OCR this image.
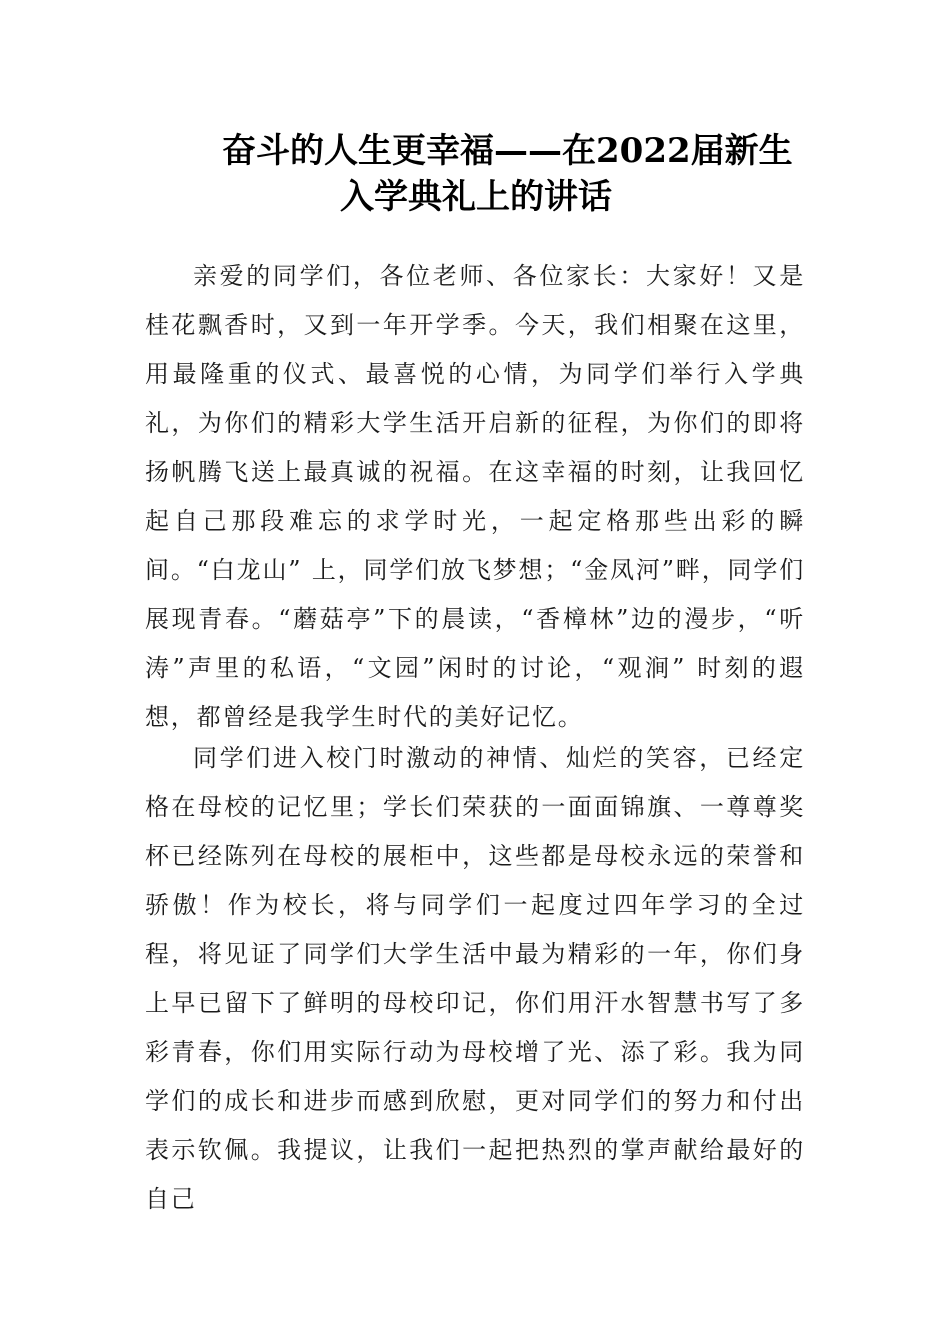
奋斗的人生更幸福——在2022届新生
入学典礼上的讲话

亲爱的同学们，各位老师、各位家长：大家好！又是桂花飘香时，又到一年开学季。今天，我们相聚在这里，用最隆重的仪式、最喜悦的心情，为同学们举行入学典礼，为你们的精彩大学生活开启新的征程，为你们的即将扬帆腾飞送上最真诚的祝福。在这幸福的时刻，让我回忆起自己那段难忘的求学时光，一起定格那些出彩的瞬间。“白龙山” 上，同学们放飞梦想；“金凤河”畔，同学们展现青春。“蘑菇亭”下的晨读，“香樟林”边的漫步，“听涛”声里的私语，“文园”闲时的讨论，“观涧” 时刻的遐想，都曾经是我学生时代的美好记忆。

同学们进入校门时激动的神情、灿烂的笑容，已经定格在母校的记忆里；学长们荣获的一面面锦旗、一尊尊奖杯已经陈列在母校的展柜中，这些都是母校永远的荣誉和骄傲！作为校长，将与同学们一起度过四年学习的全过程，将见证了同学们大学生活中最为精彩的一年，你们身上早已留下了鲜明的母校印记，你们用汗水智慧书写了多彩青春，你们用实际行动为母校增了光、添了彩。我为同学们的成长和进步而感到欣慰，更对同学们的努力和付出表示钦佩。我提议，让我们一起把热烈的掌声献给最好的自己
